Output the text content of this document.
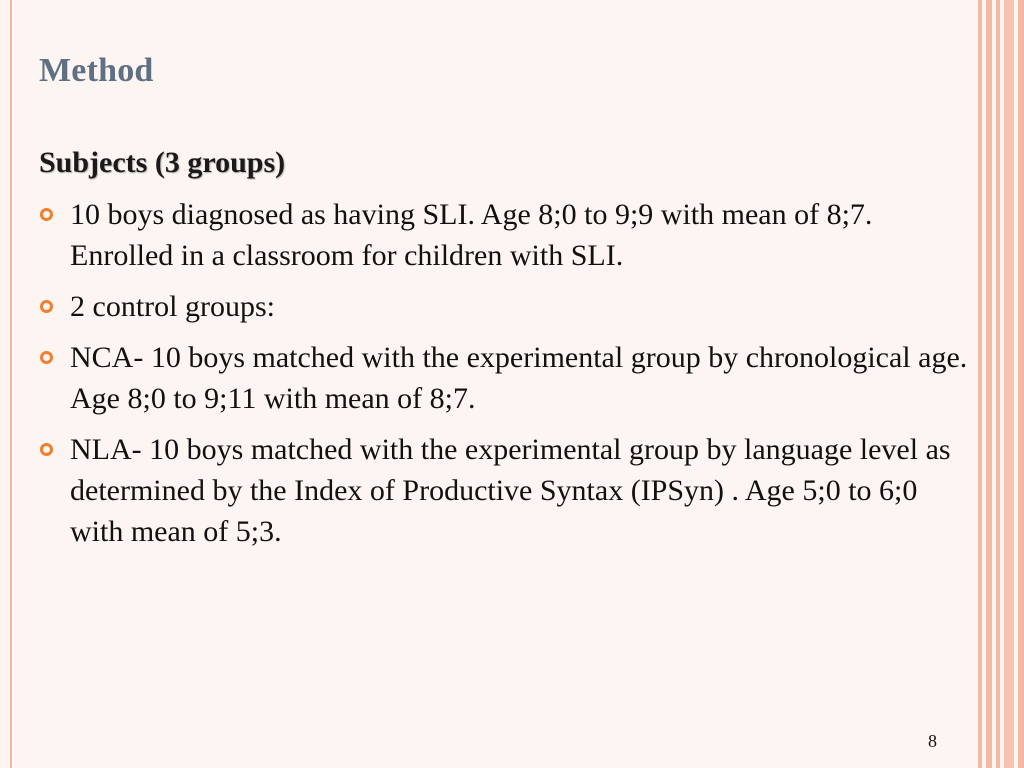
Method
Subjects (3 groups)
10 boys diagnosed as having SLI. Age 8;0 to 9;9 with mean of 8;7. Enrolled in a classroom for children with SLI.
2 control groups:
NCA- 10 boys matched with the experimental group by chronological age. Age 8;0 to 9;11 with mean of 8;7.
NLA- 10 boys matched with the experimental group by language level as determined by the Index of Productive Syntax (IPSyn) . Age 5;0 to 6;0 with mean of 5;3.
8
